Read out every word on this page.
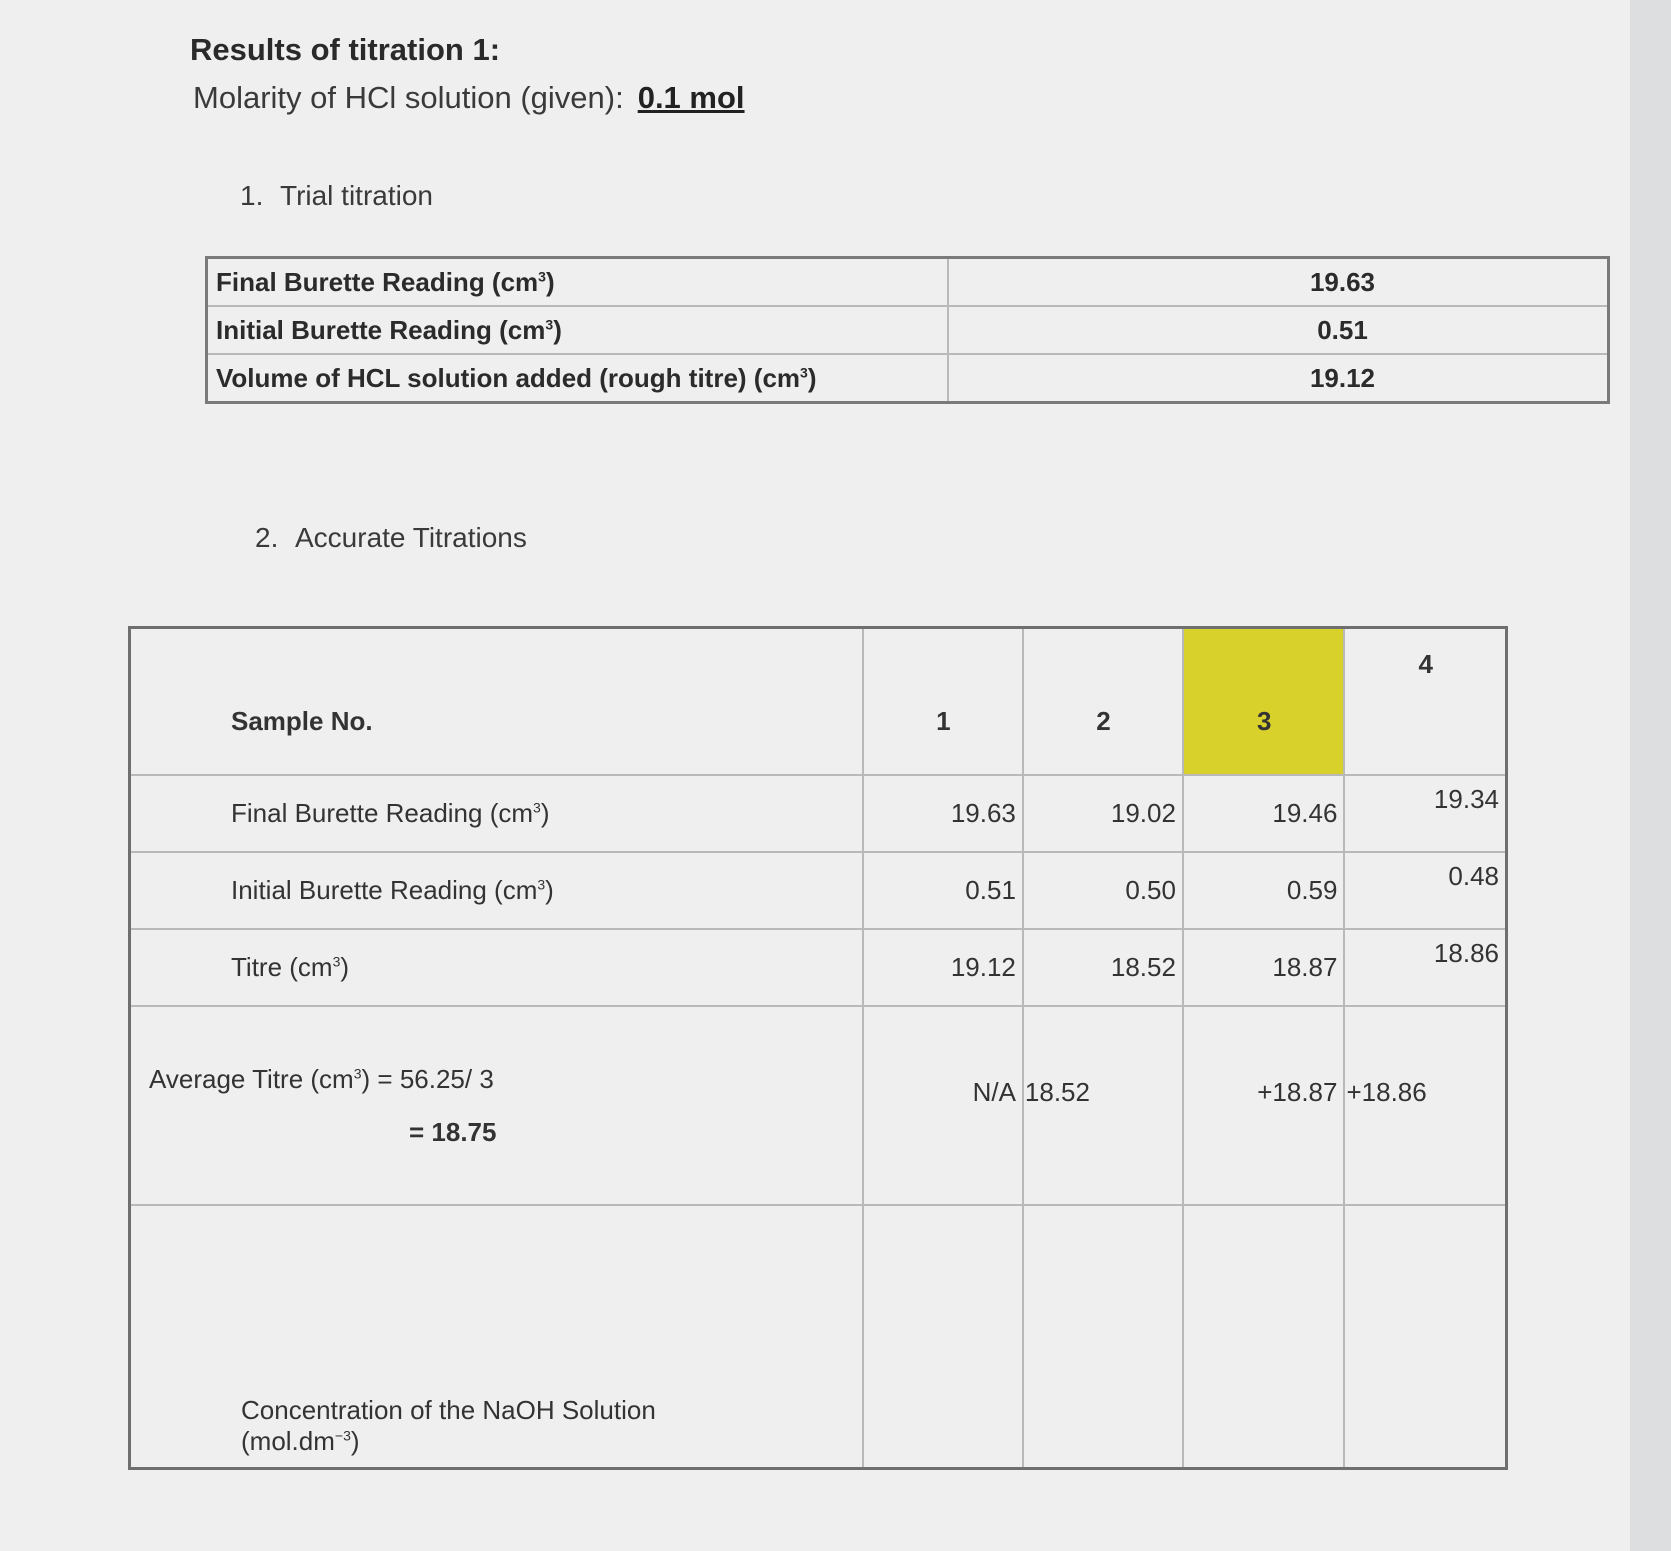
Results of titration 1:
Molarity of HCl solution (given): 0.1 mol
1. Trial titration
Final Burette Reading $(cm^3)$	19.63
Initial Burette Reading $(cm^3)$	0.51
Volume of HCL solution added (rough titre) $(cm^3)$	19.12
2. Accurate Titrations
Sample No.	1	2	3	4
Final Burette Reading $(cm^3)$	19.63	19.02	19.46	19.34
Initial Burette Reading $(cm^3)$	0.51	0.50	0.59	0.48
Titre $(cm^3)$	19.12	18.52	18.87	18.86

Average Titre $(cm^3) = 56.25/$ 3
= 18.75	N/A	18.52	+18.87	+18.86

Concentration of the NaOH Solution
$(mol.dm^{-3})$				
